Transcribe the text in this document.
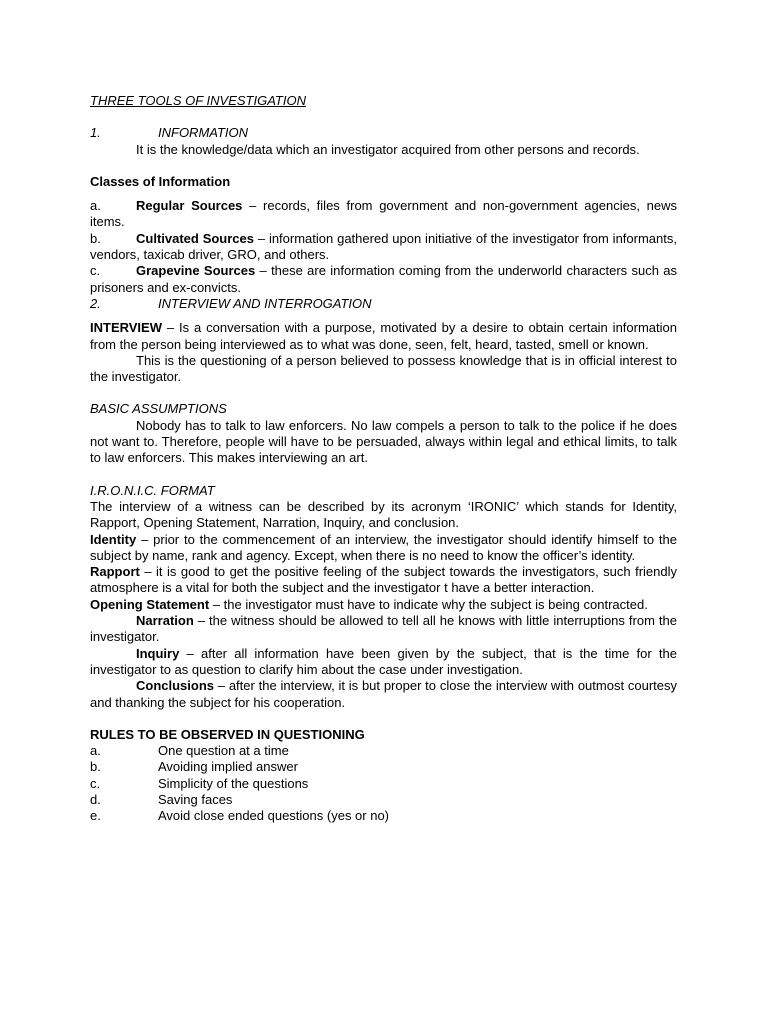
THREE TOOLS OF INVESTIGATION

1.	INFORMATION

It is the knowledge/data which an investigator acquired from other persons and records.

Classes of Information

a.	Regular Sources – records, files from government and non-government agencies, news items.

b.	Cultivated Sources – information gathered upon initiative of the investigator from informants, vendors, taxicab driver, GRO, and others.

c.	Grapevine Sources – these are information coming from the underworld characters such as prisoners and ex-convicts.

2.	INTERVIEW AND INTERROGATION

INTERVIEW – Is a conversation with a purpose, motivated by a desire to obtain certain information from the person being interviewed as to what was done, seen, felt, heard, tasted, smell or known.

This is the questioning of a person believed to possess knowledge that is in official interest to the investigator.

BASIC ASSUMPTIONS

Nobody has to talk to law enforcers. No law compels a person to talk to the police if he does not want to. Therefore, people will have to be persuaded, always within legal and ethical limits, to talk to law enforcers. This makes interviewing an art.

I.R.O.N.I.C. FORMAT

The interview of a witness can be described by its acronym ‘IRONIC’ which stands for Identity, Rapport, Opening Statement, Narration, Inquiry, and conclusion.

Identity – prior to the commencement of an interview, the investigator should identify himself to the subject by name, rank and agency. Except, when there is no need to know the officer’s identity.

Rapport – it is good to get the positive feeling of the subject towards the investigators, such friendly atmosphere is a vital for both the subject and the investigator t have a better interaction.

Opening Statement – the investigator must have to indicate why the subject is being contracted.

Narration – the witness should be allowed to tell all he knows with little interruptions from the investigator.

Inquiry – after all information have been given by the subject, that is the time for the investigator to as question to clarify him about the case under investigation.

Conclusions – after the interview, it is but proper to close the interview with outmost courtesy and thanking the subject for his cooperation.

RULES TO BE OBSERVED IN QUESTIONING

a.	One question at a time
b.	Avoiding implied answer
c.	Simplicity of the questions
d.	Saving faces
e.	Avoid close ended questions (yes or no)
